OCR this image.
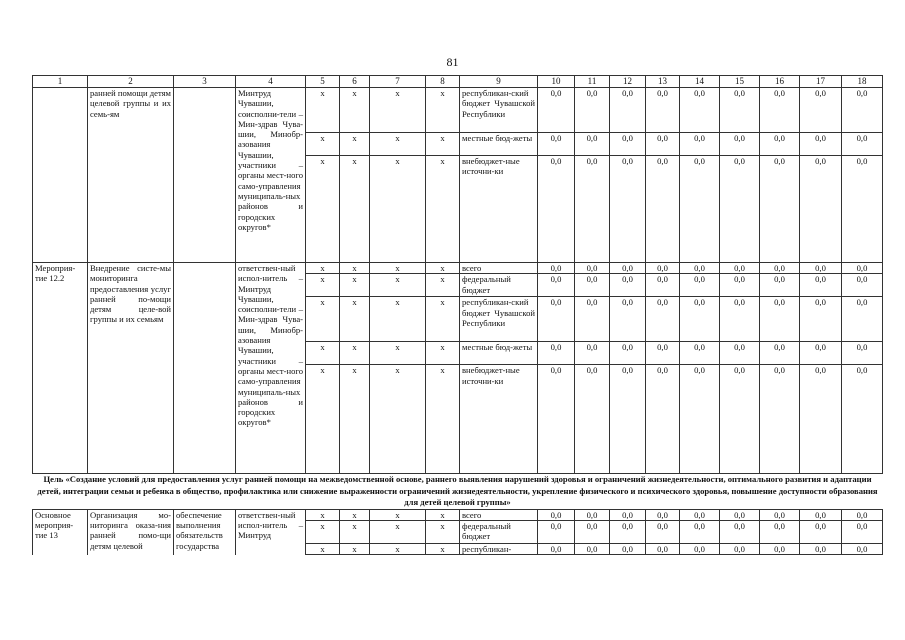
81
1	2	3	4	5	6	7	8	9	10	11	12	13	14	15	16	17	18
	ранней помощи детям целевой группы и их семь-ям		Минтруд Чувашии, соисполни-тели – Мин-здрав Чува-шии, Минобр-азования Чувашии, участники – органы мест-ного само-управления муниципаль-ных районов и городских округов*	x	x	x	x	республикан-ский бюджет Чувашской Республики	0,0	0,0	0,0	0,0	0,0	0,0	0,0	0,0	0,0
				x	x	x	x	местные бюд-жеты	0,0	0,0	0,0	0,0	0,0	0,0	0,0	0,0	0,0
				x	x	x	x	внебюджет-ные источни-ки	0,0	0,0	0,0	0,0	0,0	0,0	0,0	0,0	0,0
Мероприя-тие 12.2	Внедрение систе-мы мониторинга предоставления услуг ранней по-мощи детям целе-вой группы и их семьям		ответствен-ный испол-нитель – Минтруд Чувашии, соисполни-тели – Мин-здрав Чува-шии, Минобр-азования Чувашии, участники – органы мест-ного само-управления муниципаль-ных районов и городских округов*	x	x	x	x	всего	0,0	0,0	0,0	0,0	0,0	0,0	0,0	0,0	0,0
				x	x	x	x	федеральный бюджет	0,0	0,0	0,0	0,0	0,0	0,0	0,0	0,0	0,0
				x	x	x	x	республикан-ский бюджет Чувашской Республики	0,0	0,0	0,0	0,0	0,0	0,0	0,0	0,0	0,0
				x	x	x	x	местные бюд-жеты	0,0	0,0	0,0	0,0	0,0	0,0	0,0	0,0	0,0
				x	x	x	x	внебюджет-ные источни-ки	0,0	0,0	0,0	0,0	0,0	0,0	0,0	0,0	0,0
Цель «Создание условий для предоставления услуг ранней помощи на межведомственной основе, раннего выявления нарушений здоровья и ограничений жизнедеятельности, оптимального развития и адаптации детей, интеграции семьи и ребенка в общество, профилактика или снижение выраженности ограничений жизнедеятельности, укрепление физического и психического здоровья, повышение доступности образования для детей целевой группы»																	
Основное мероприя-тие 13	Организация мо-ниторинга оказа-ния ранней помо-щи детям целевой	обеспечение выполнения обязательств государства	ответствен-ный испол-нитель – Минтруд	x	x	x	x	всего	0,0	0,0	0,0	0,0	0,0	0,0	0,0	0,0	0,0
				x	x	x	x	федеральный бюджет	0,0	0,0	0,0	0,0	0,0	0,0	0,0	0,0	0,0
				x	x	x	x	республикан-	0,0	0,0	0,0	0,0	0,0	0,0	0,0	0,0	0,0
